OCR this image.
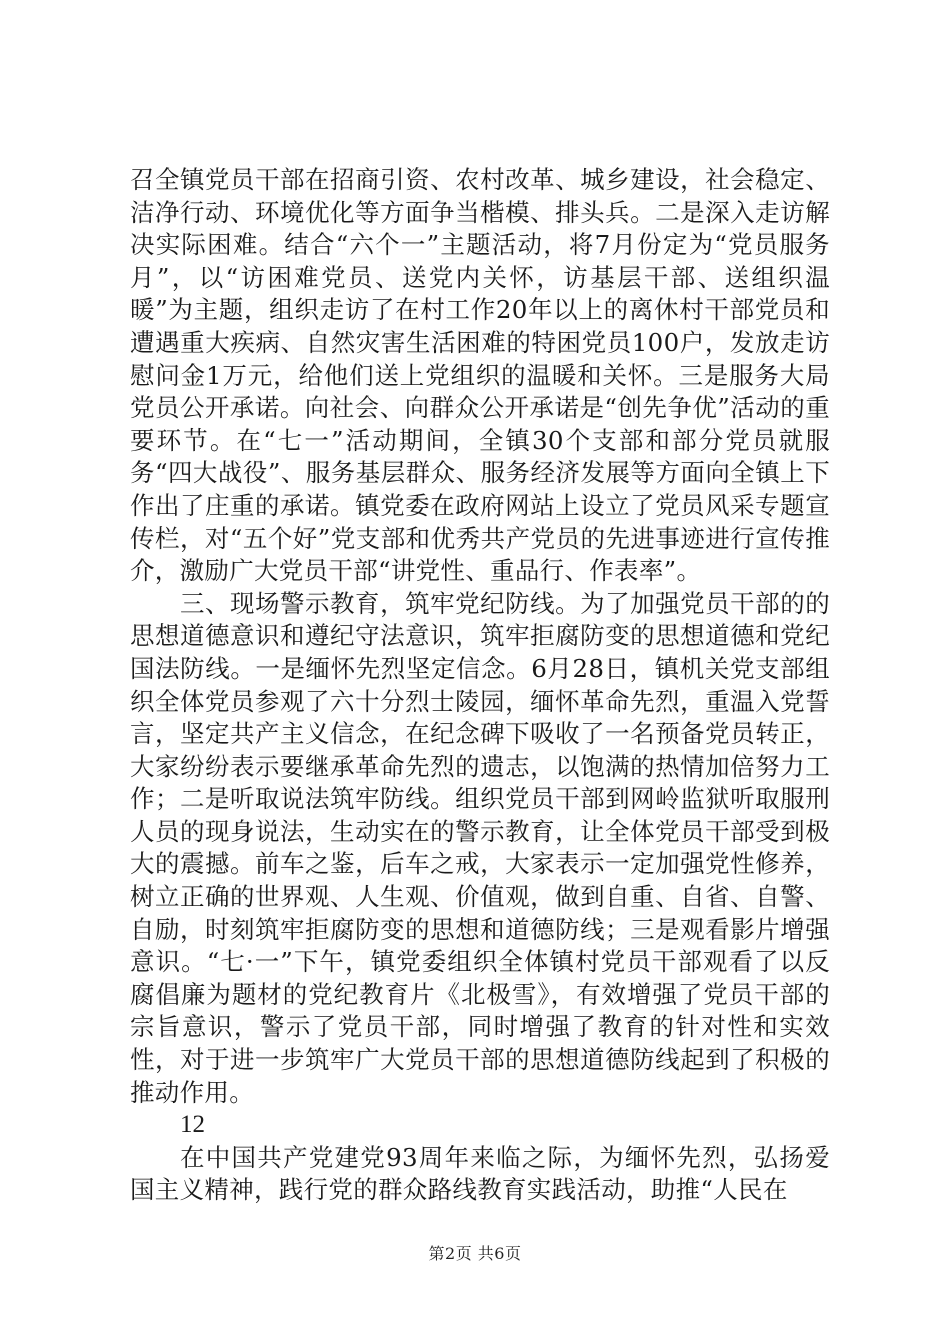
召全镇党员干部在招商引资、农村改革、城乡建设，社会稳定、洁净行动、环境优化等方面争当楷模、排头兵。二是深入走访解决实际困难。结合“六个一”主题活动，将7月份定为“党员服务月”，以“访困难党员、送党内关怀，访基层干部、送组织温暖”为主题，组织走访了在村工作20年以上的离休村干部党员和遭遇重大疾病、自然灾害生活困难的特困党员100户，发放走访慰问金1万元，给他们送上党组织的温暖和关怀。三是服务大局党员公开承诺。向社会、向群众公开承诺是“创先争优”活动的重要环节。在“七一”活动期间，全镇30个支部和部分党员就服务“四大战役”、服务基层群众、服务经济发展等方面向全镇上下作出了庄重的承诺。镇党委在政府网站上设立了党员风采专题宣传栏，对“五个好”党支部和优秀共产党员的先进事迹进行宣传推介，激励广大党员干部“讲党性、重品行、作表率”。

三、现场警示教育，筑牢党纪防线。为了加强党员干部的的思想道德意识和遵纪守法意识，筑牢拒腐防变的思想道德和党纪国法防线。一是缅怀先烈坚定信念。6月28日，镇机关党支部组织全体党员参观了六十分烈士陵园，缅怀革命先烈，重温入党誓言，坚定共产主义信念，在纪念碑下吸收了一名预备党员转正，大家纷纷表示要继承革命先烈的遗志，以饱满的热情加倍努力工作；二是听取说法筑牢防线。组织党员干部到网岭监狱听取服刑人员的现身说法，生动实在的警示教育，让全体党员干部受到极大的震撼。前车之鉴，后车之戒，大家表示一定加强党性修养，树立正确的世界观、人生观、价值观，做到自重、自省、自警、自励，时刻筑牢拒腐防变的思想和道德防线；三是观看影片增强意识。“七·一”下午，镇党委组织全体镇村党员干部观看了以反腐倡廉为题材的党纪教育片《北极雪》，有效增强了党员干部的宗旨意识，警示了党员干部，同时增强了教育的针对性和实效性，对于进一步筑牢广大党员干部的思想道德防线起到了积极的推动作用。

12

在中国共产党建党93周年来临之际，为缅怀先烈，弘扬爱国主义精神，践行党的群众路线教育实践活动，助推“人民在

第2页 共6页
